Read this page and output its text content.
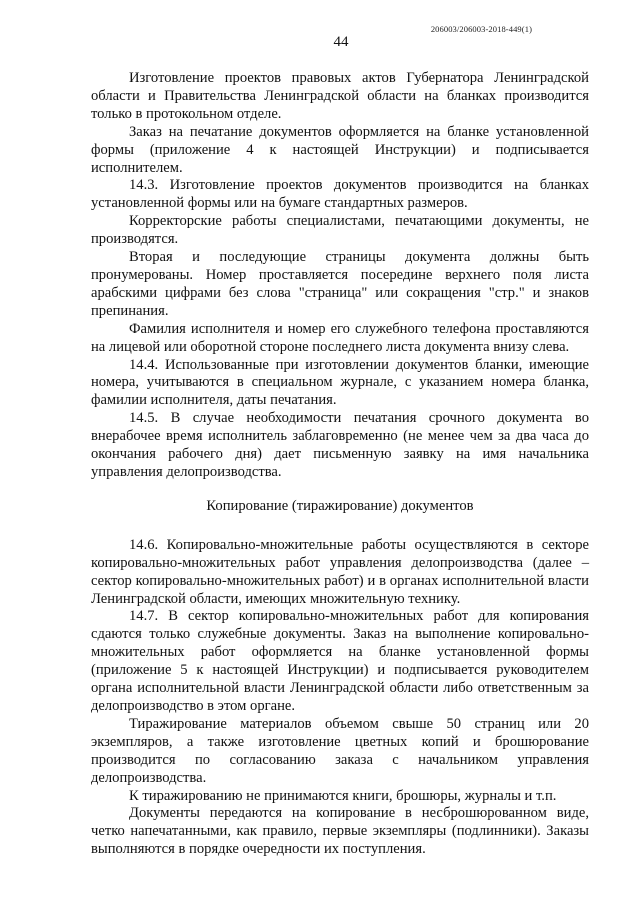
206003/206003-2018-449(1)
44

Изготовление проектов правовых актов Губернатора Ленинградской области и Правительства Ленинградской области на бланках производится только в протокольном отделе.

Заказ на печатание документов оформляется на бланке установленной формы (приложение 4 к настоящей Инструкции) и подписывается исполнителем.

14.3. Изготовление проектов документов производится на бланках установленной формы или на бумаге стандартных размеров.

Корректорские работы специалистами, печатающими документы, не производятся.

Вторая и последующие страницы документа должны быть пронумерованы. Номер проставляется посередине верхнего поля листа арабскими цифрами без слова "страница" или сокращения "стр." и знаков препинания.

Фамилия исполнителя и номер его служебного телефона проставляются на лицевой или оборотной стороне последнего листа документа внизу слева.

14.4. Использованные при изготовлении документов бланки, имеющие номера, учитываются в специальном журнале, с указанием номера бланка, фамилии исполнителя, даты печатания.

14.5. В случае необходимости печатания срочного документа во внерабочее время исполнитель заблаговременно (не менее чем за два часа до окончания рабочего дня) дает письменную заявку на имя начальника управления делопроизводства.

Копирование (тиражирование) документов

14.6. Копировально-множительные работы осуществляются в секторе копировально-множительных работ управления делопроизводства (далее – сектор копировально-множительных работ) и в органах исполнительной власти Ленинградской области, имеющих множительную технику.

14.7. В сектор копировально-множительных работ для копирования сдаются только служебные документы. Заказ на выполнение копировально-множительных работ оформляется на бланке установленной формы (приложение 5 к настоящей Инструкции) и подписывается руководителем органа исполнительной власти Ленинградской области либо ответственным за делопроизводство в этом органе.

Тиражирование материалов объемом свыше 50 страниц или 20 экземпляров, а также изготовление цветных копий и брошюрование производится по согласованию заказа с начальником управления делопроизводства.

К тиражированию не принимаются книги, брошюры, журналы и т.п.

Документы передаются на копирование в несброшюрованном виде, четко напечатанными, как правило, первые экземпляры (подлинники). Заказы выполняются в порядке очередности их поступления.
